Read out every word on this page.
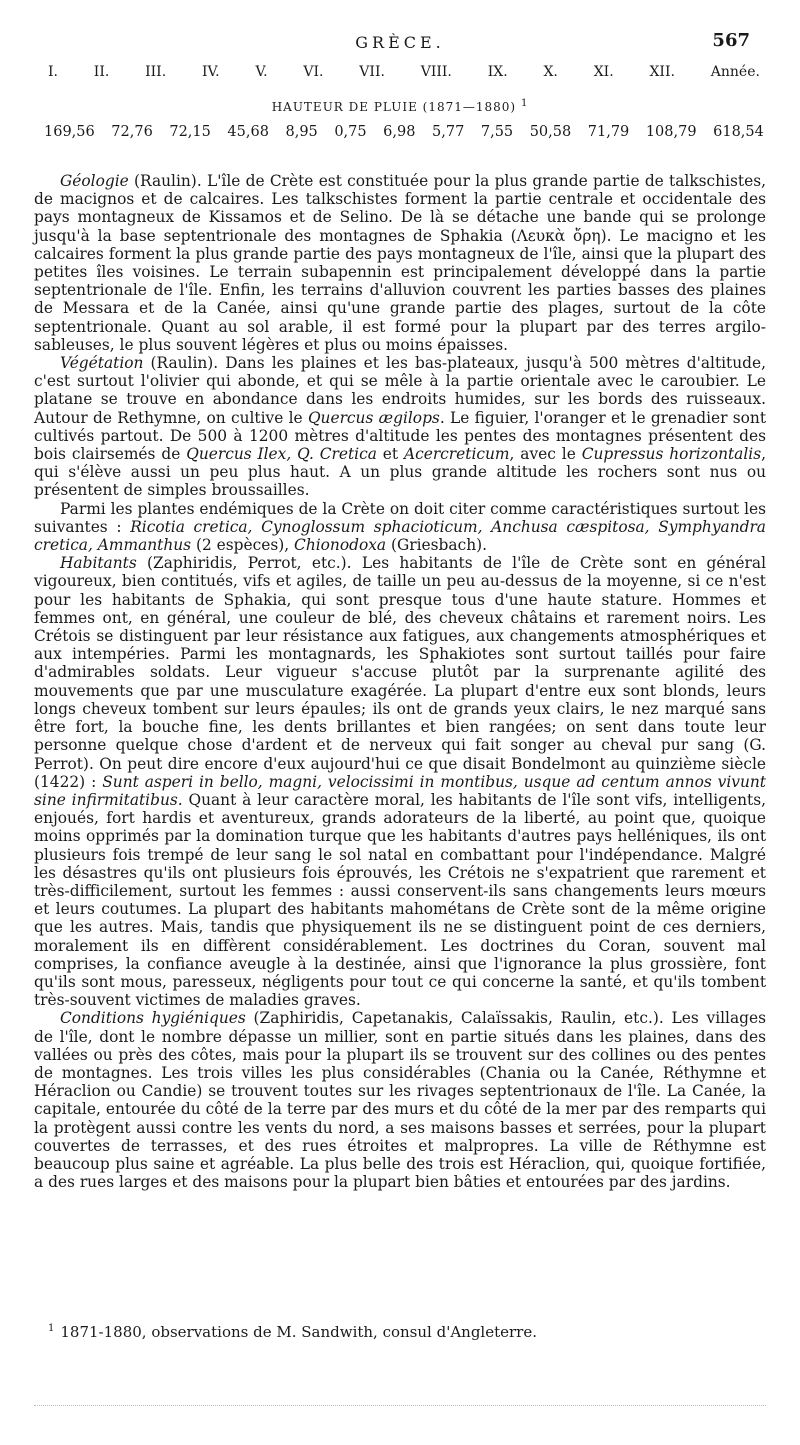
GRÈCE.	567
I.	II.	III.	IV.	V.	VI.	VII.	VIII.	IX.	X.	XI.	XII.	Année.
HAUTEUR DE PLUIE (1871—1880) $^1$
169,56 72,76 72,15 45,68 8,95 0,75 6,98 5,77 7,55 50,58 71,79 108,79 618,54

Géologie (Raulin). L'île de Crète est constituée pour la plus grande partie de talkschistes, de macignos et de calcaires. Les talkschistes forment la partie centrale et occidentale des pays montagneux de Kissamos et de Selino. De là se détache une bande qui se prolonge jusqu'à la base septentrionale des montagnes de Sphakia (Λευκὰ ὄρη). Le macigno et les calcaires forment la plus grande partie des pays montagneux de l'île, ainsi que la plupart des petites îles voisines. Le terrain subapennin est principalement développé dans la partie septentrionale de l'île. Enfin, les terrains d'alluvion couvrent les parties basses des plaines de Messara et de la Canée, ainsi qu'une grande partie des plages, surtout de la côte septentrionale. Quant au sol arable, il est formé pour la plupart par des terres argilo-sableuses, le plus souvent légères et plus ou moins épaisses.

Végétation (Raulin). Dans les plaines et les bas-plateaux, jusqu'à 500 mètres d'altitude, c'est surtout l'olivier qui abonde, et qui se mêle à la partie orientale avec le caroubier. Le platane se trouve en abondance dans les endroits humides, sur les bords des ruisseaux. Autour de Rethymne, on cultive le Quercus ægilops. Le figuier, l'oranger et le grenadier sont cultivés partout. De 500 à 1200 mètres d'altitude les pentes des montagnes présentent des bois clairsemés de Quercus Ilex, Q. Cretica et Acercreticum, avec le Cupressus horizontalis, qui s'élève aussi un peu plus haut. A un plus grande altitude les rochers sont nus ou présentent de simples broussailles.

Parmi les plantes endémiques de la Crète on doit citer comme caractéristiques surtout les suivantes : Ricotia cretica, Cynoglossum sphacioticum, Anchusa cæspitosa, Symphyandra cretica, Ammanthus (2 espèces), Chionodoxa (Griesbach).

Habitants (Zaphiridis, Perrot, etc.). Les habitants de l'île de Crète sont en général vigoureux, bien contitués, vifs et agiles, de taille un peu au-dessus de la moyenne, si ce n'est pour les habitants de Sphakia, qui sont presque tous d'une haute stature. Hommes et femmes ont, en général, une couleur de blé, des cheveux châtains et rarement noirs. Les Crétois se distinguent par leur résistance aux fatigues, aux changements atmosphériques et aux intempéries. Parmi les montagnards, les Sphakiotes sont surtout taillés pour faire d'admirables soldats. Leur vigueur s'accuse plutôt par la surprenante agilité des mouvements que par une musculature exagérée. La plupart d'entre eux sont blonds, leurs longs cheveux tombent sur leurs épaules; ils ont de grands yeux clairs, le nez marqué sans être fort, la bouche fine, les dents brillantes et bien rangées; on sent dans toute leur personne quelque chose d'ardent et de nerveux qui fait songer au cheval pur sang (G. Perrot). On peut dire encore d'eux aujourd'hui ce que disait Bondelmont au quinzième siècle (1422) : Sunt asperi in bello, magni, velocissimi in montibus, usque ad centum annos vivunt sine infirmitatibus. Quant à leur caractère moral, les habitants de l'île sont vifs, intelligents, enjoués, fort hardis et aventureux, grands adorateurs de la liberté, au point que, quoique moins opprimés par la domination turque que les habitants d'autres pays helléniques, ils ont plusieurs fois trempé de leur sang le sol natal en combattant pour l'indépendance. Malgré les désastres qu'ils ont plusieurs fois éprouvés, les Crétois ne s'expatrient que rarement et très-difficilement, surtout les femmes : aussi conservent-ils sans changements leurs mœurs et leurs coutumes. La plupart des habitants mahométans de Crète sont de la même origine que les autres. Mais, tandis que physiquement ils ne se distinguent point de ces derniers, moralement ils en diffèrent considérablement. Les doctrines du Coran, souvent mal comprises, la confiance aveugle à la destinée, ainsi que l'ignorance la plus grossière, font qu'ils sont mous, paresseux, négligents pour tout ce qui concerne la santé, et qu'ils tombent très-souvent victimes de maladies graves.

Conditions hygiéniques (Zaphiridis, Capetanakis, Calaïssakis, Raulin, etc.). Les villages de l'île, dont le nombre dépasse un millier, sont en partie situés dans les plaines, dans des vallées ou près des côtes, mais pour la plupart ils se trouvent sur des collines ou des pentes de montagnes. Les trois villes les plus considérables (Chania ou la Canée, Réthymne et Héraclion ou Candie) se trouvent toutes sur les rivages septentrionaux de l'île. La Canée, la capitale, entourée du côté de la terre par des murs et du côté de la mer par des remparts qui la protègent aussi contre les vents du nord, a ses maisons basses et serrées, pour la plupart couvertes de terrasses, et des rues étroites et malpropres. La ville de Réthymne est beaucoup plus saine et agréable. La plus belle des trois est Héraclion, qui, quoique fortifiée, a des rues larges et des maisons pour la plupart bien bâties et entourées par des jardins.

$^1$ 1871-1880, observations de M. Sandwith, consul d'Angleterre.
